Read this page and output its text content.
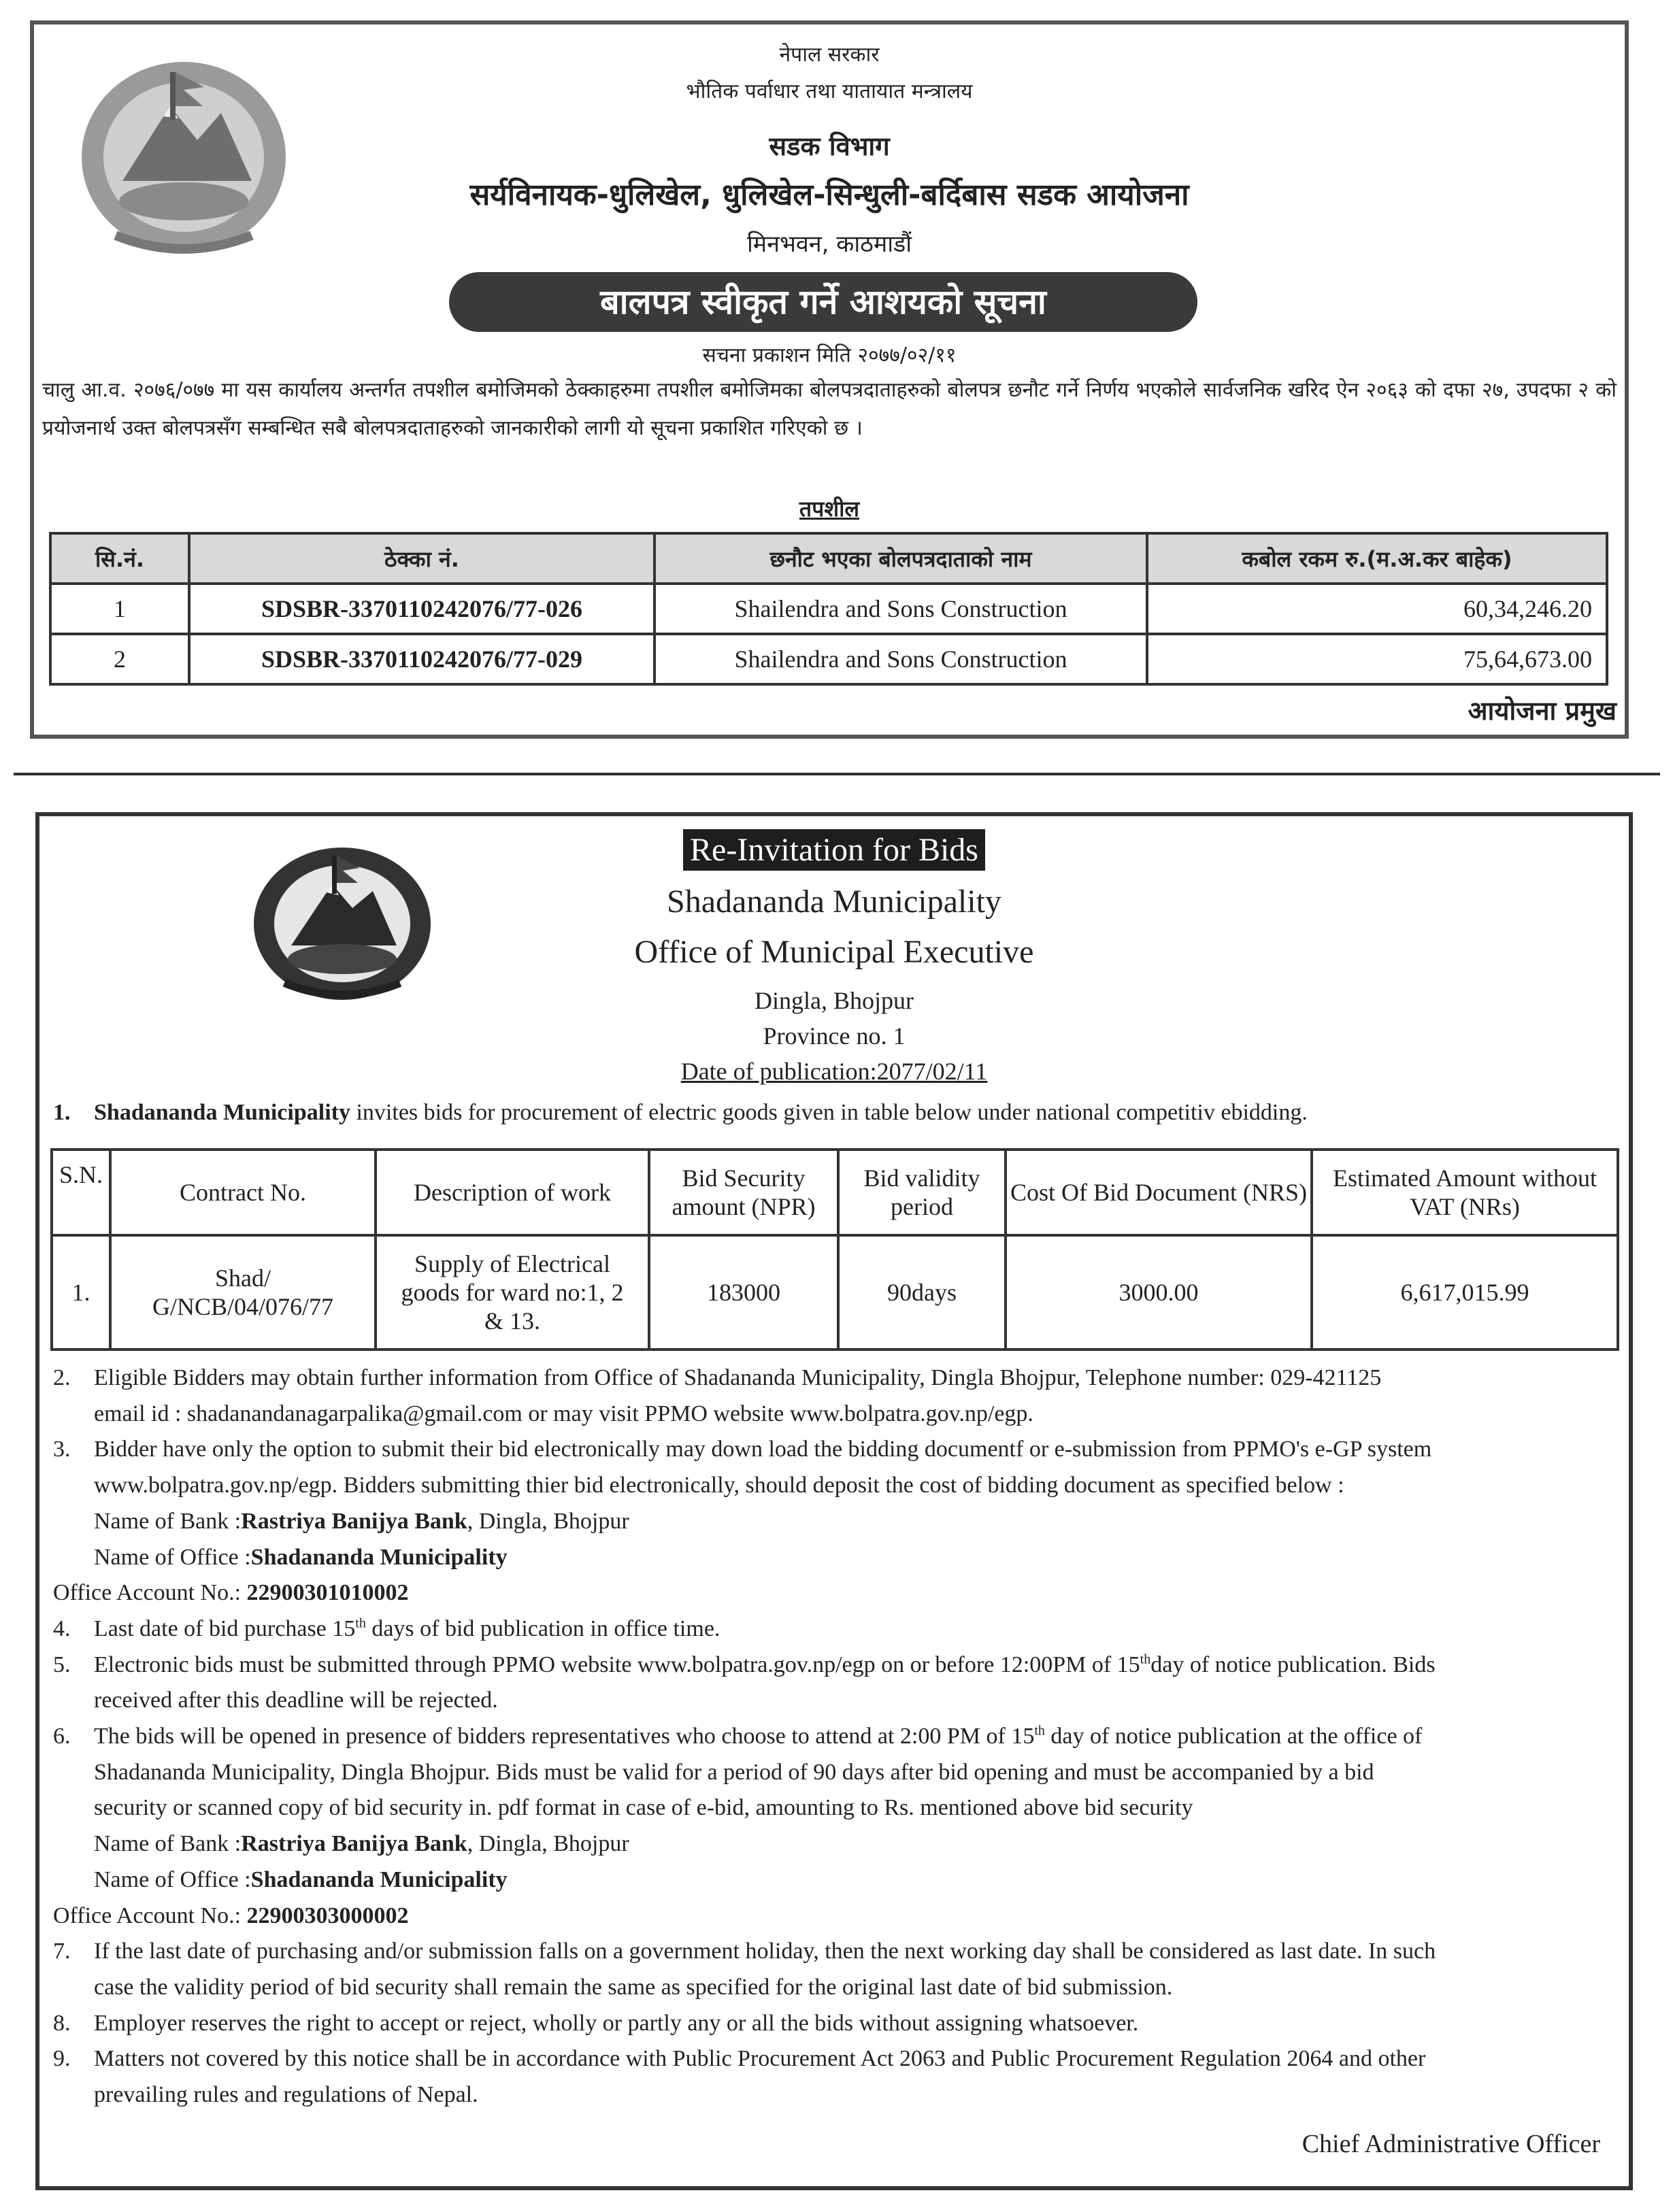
नेपाल सरकार
भौतिक पर्वाधार तथा यातायात मन्त्रालय
सडक विभाग
सर्यविनायक-धुलिखेल, धुलिखेल-सिन्धुली-बर्दिबास सडक आयोजना
मिनभवन, काठमाडौं
बालपत्र स्वीकृत गर्ने आशयको सूचना
सचना प्रकाशन मिति २०७७/०२/११
चालु आ.व. २०७६/०७७ मा यस कार्यालय अन्तर्गत तपशील बमोजिमको ठेक्काहरुमा तपशील बमोजिमका बोलपत्रदाताहरुको बोलपत्र छनौट गर्ने निर्णय भएकोले सार्वजनिक खरिद ऐन २०६३ को दफा २७, उपदफा २ को प्रयोजनार्थ उक्त बोलपत्रसँग सम्बन्धित सबै बोलपत्रदाताहरुको जानकारीको लागी यो सूचना प्रकाशित गरिएको छ ।
तपशील
सि.नं.	ठेक्का नं.	छनौट भएका बोलपत्रदाताको नाम	कबोल रकम रु.(म.अ.कर बाहेक)
1	SDSBR-3370110242076/77-026	Shailendra and Sons Construction	60,34,246.20
2	SDSBR-3370110242076/77-029	Shailendra and Sons Construction	75,64,673.00
आयोजना प्रमुख
Re-Invitation for Bids
Shadananda Municipality
Office of Municipal Executive
Dingla, Bhojpur
Province no. 1
Date of publication:2077/02/11
1. Shadananda Municipality invites bids for procurement of electric goods given in table below under national competitiv ebidding.
S.N.	Contract No.	Description of work	Bid Security amount (NPR)	Bid validity period	Cost Of Bid Document (NRS)	Estimated Amount without VAT (NRs)
1.	Shad/ G/NCB/04/076/77	Supply of Electrical goods for ward no:1, 2 & 13.	183000	90days	3000.00	6,617,015.99
2. Eligible Bidders may obtain further information from Office of Shadananda Municipality, Dingla Bhojpur, Telephone number: 029-421125
email id : shadanandanagarpalika@gmail.com or may visit PPMO website www.bolpatra.gov.np/egp.
3. Bidder have only the option to submit their bid electronically may down load the bidding documentf or e-submission from PPMO's e-GP system
www.bolpatra.gov.np/egp. Bidders submitting thier bid electronically, should deposit the cost of bidding document as specified below :
Name of Bank :Rastriya Banijya Bank, Dingla, Bhojpur
Name of Office :Shadananda Municipality
Office Account No.: 22900301010002
4. Last date of bid purchase 15th days of bid publication in office time.
5. Electronic bids must be submitted through PPMO website www.bolpatra.gov.np/egp on or before 12:00PM of 15thday of notice publication. Bids
received after this deadline will be rejected.
6. The bids will be opened in presence of bidders representatives who choose to attend at 2:00 PM of 15th day of notice publication at the office of
Shadananda Municipality, Dingla Bhojpur. Bids must be valid for a period of 90 days after bid opening and must be accompanied by a bid
security or scanned copy of bid security in. pdf format in case of e-bid, amounting to Rs. mentioned above bid security
Name of Bank :Rastriya Banijya Bank, Dingla, Bhojpur
Name of Office :Shadananda Municipality
Office Account No.: 22900303000002
7. If the last date of purchasing and/or submission falls on a government holiday, then the next working day shall be considered as last date. In such
case the validity period of bid security shall remain the same as specified for the original last date of bid submission.
8. Employer reserves the right to accept or reject, wholly or partly any or all the bids without assigning whatsoever.
9. Matters not covered by this notice shall be in accordance with Public Procurement Act 2063 and Public Procurement Regulation 2064 and other
prevailing rules and regulations of Nepal.
Chief Administrative Officer
